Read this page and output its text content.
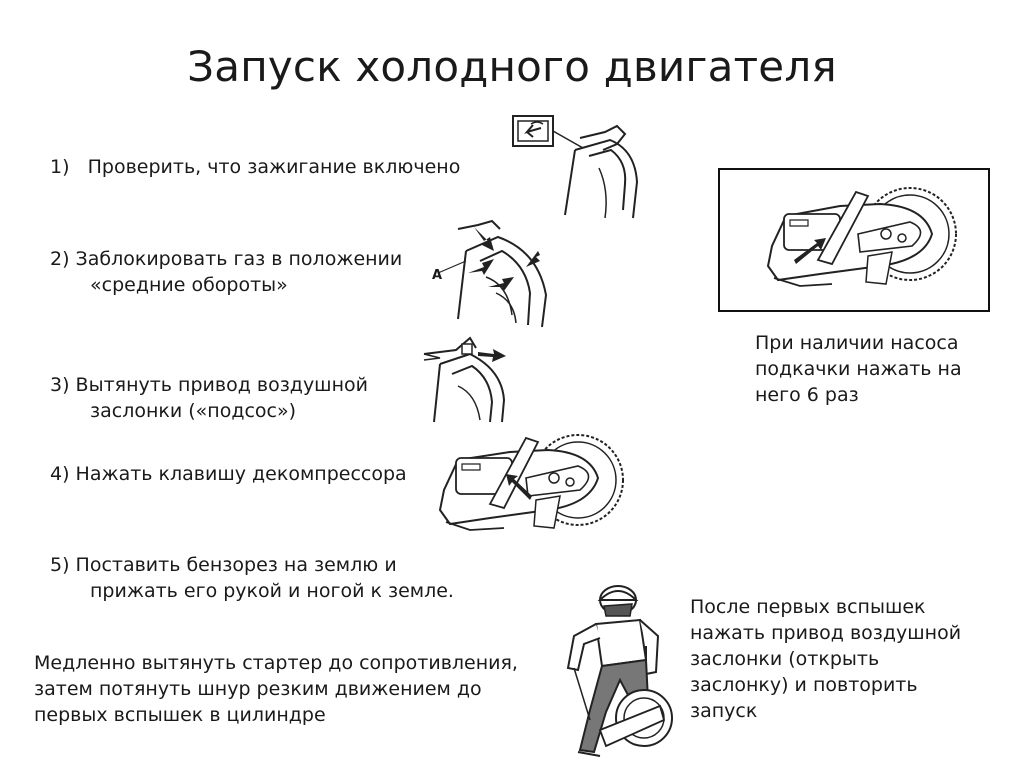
Запуск холодного двигателя
1) Проверить, что зажигание включено
2) Заблокировать газ в положении
«средние обороты»
3) Вытянуть привод воздушной
заслонки («подсос»)
4) Нажать клавишу декомпрессора
5) Поставить бензорез на землю и
прижать его рукой и ногой к земле.
Медленно вытянуть стартер до сопротивления,
затем потянуть шнур резким движением до
первых вспышек в цилиндре
При наличии насоса
подкачки нажать на
него 6 раз
После первых вспышек
нажать привод воздушной
заслонки (открыть
заслонку) и повторить
запуск
A
